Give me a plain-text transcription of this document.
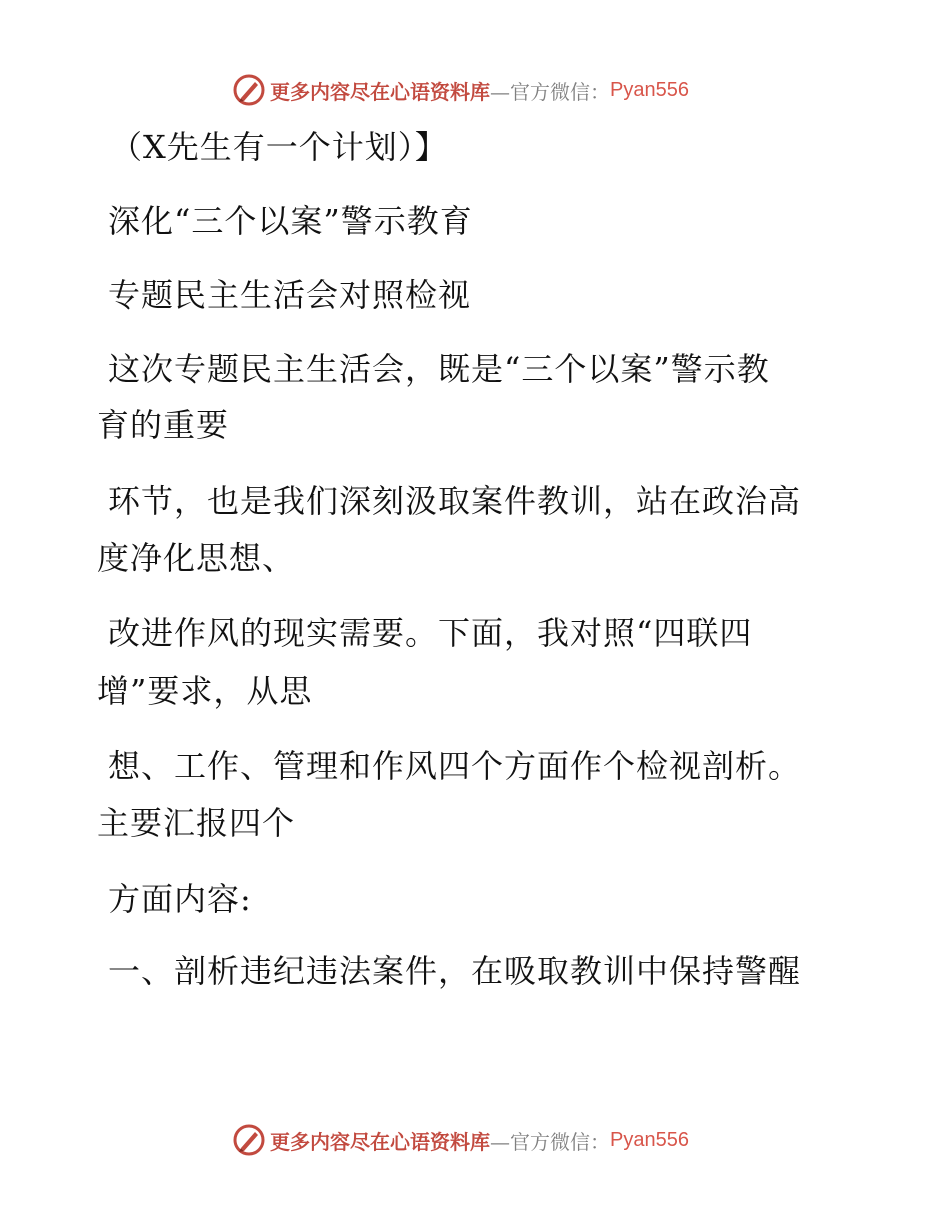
更多内容尽在心语资料库 —官方微信： Pyan556
（X先生有一个计划）】
深化“三个以案”警示教育
专题民主生活会对照检视
这次专题民主生活会，既是“三个以案”警示教
育的重要
环节，也是我们深刻汲取案件教训，站在政治高
度净化思想、
改进作风的现实需要。下面，我对照“四联四
增”要求，从思
想、工作、管理和作风四个方面作个检视剖析。
主要汇报四个
方面内容:
一、剖析违纪违法案件，在吸取教训中保持警醒
更多内容尽在心语资料库 —官方微信： Pyan556
